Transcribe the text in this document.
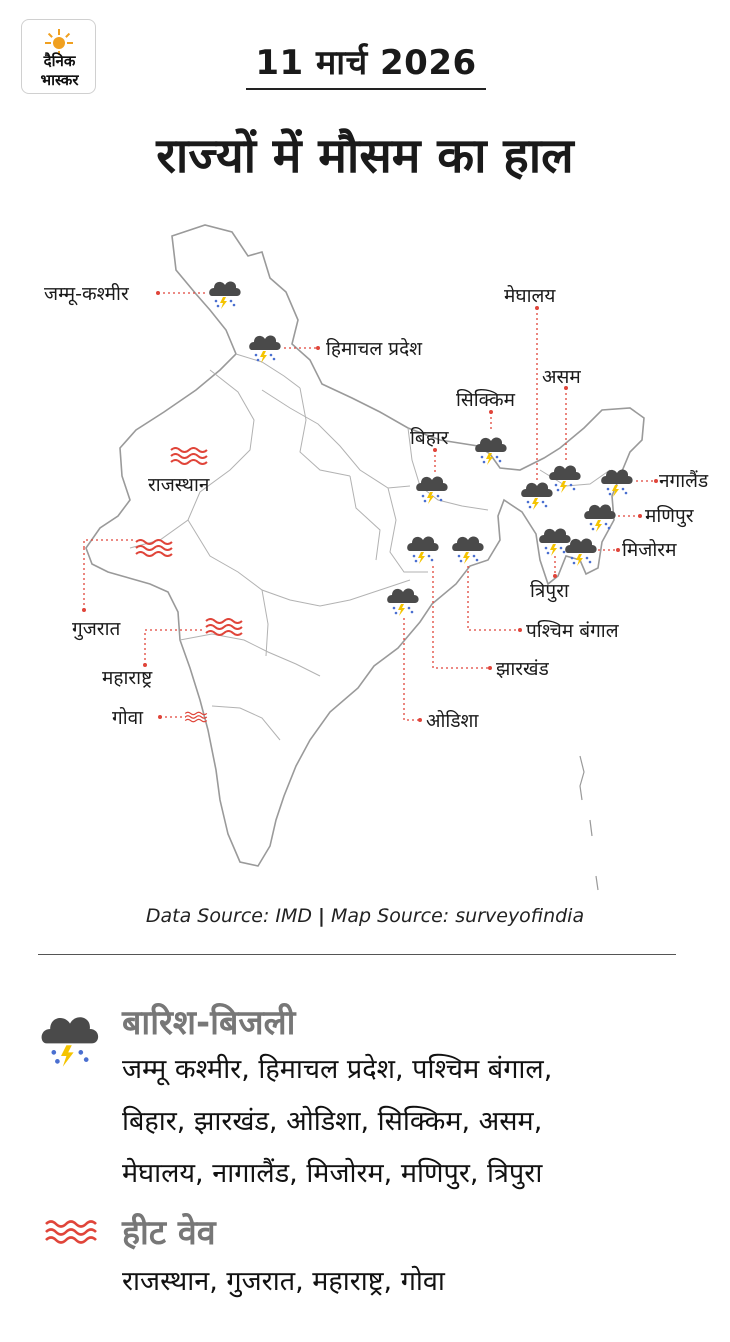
दैनिक
भास्कर	11 मार्च 2026
राज्यों में मौसम का हाल
जम्मू-कश्मीर
हिमाचल प्रदेश
राजस्थान
गुजरात
महाराष्ट्र
गोवा
बिहार
सिक्किम
मेघालय
असम
नगालैंड
मणिपुर
मिजोरम
त्रिपुरा
पश्चिम बंगाल
झारखंड
ओडिशा
Data Source: IMD | Map Source: surveyofindia
बारिश-बिजली
जम्मू कश्मीर, हिमाचल प्रदेश, पश्चिम बंगाल,
बिहार, झारखंड, ओडिशा, सिक्किम, असम,
मेघालय, नागालैंड, मिजोरम, मणिपुर, त्रिपुरा
हीट वेव
राजस्थान, गुजरात, महाराष्ट्र, गोवा
